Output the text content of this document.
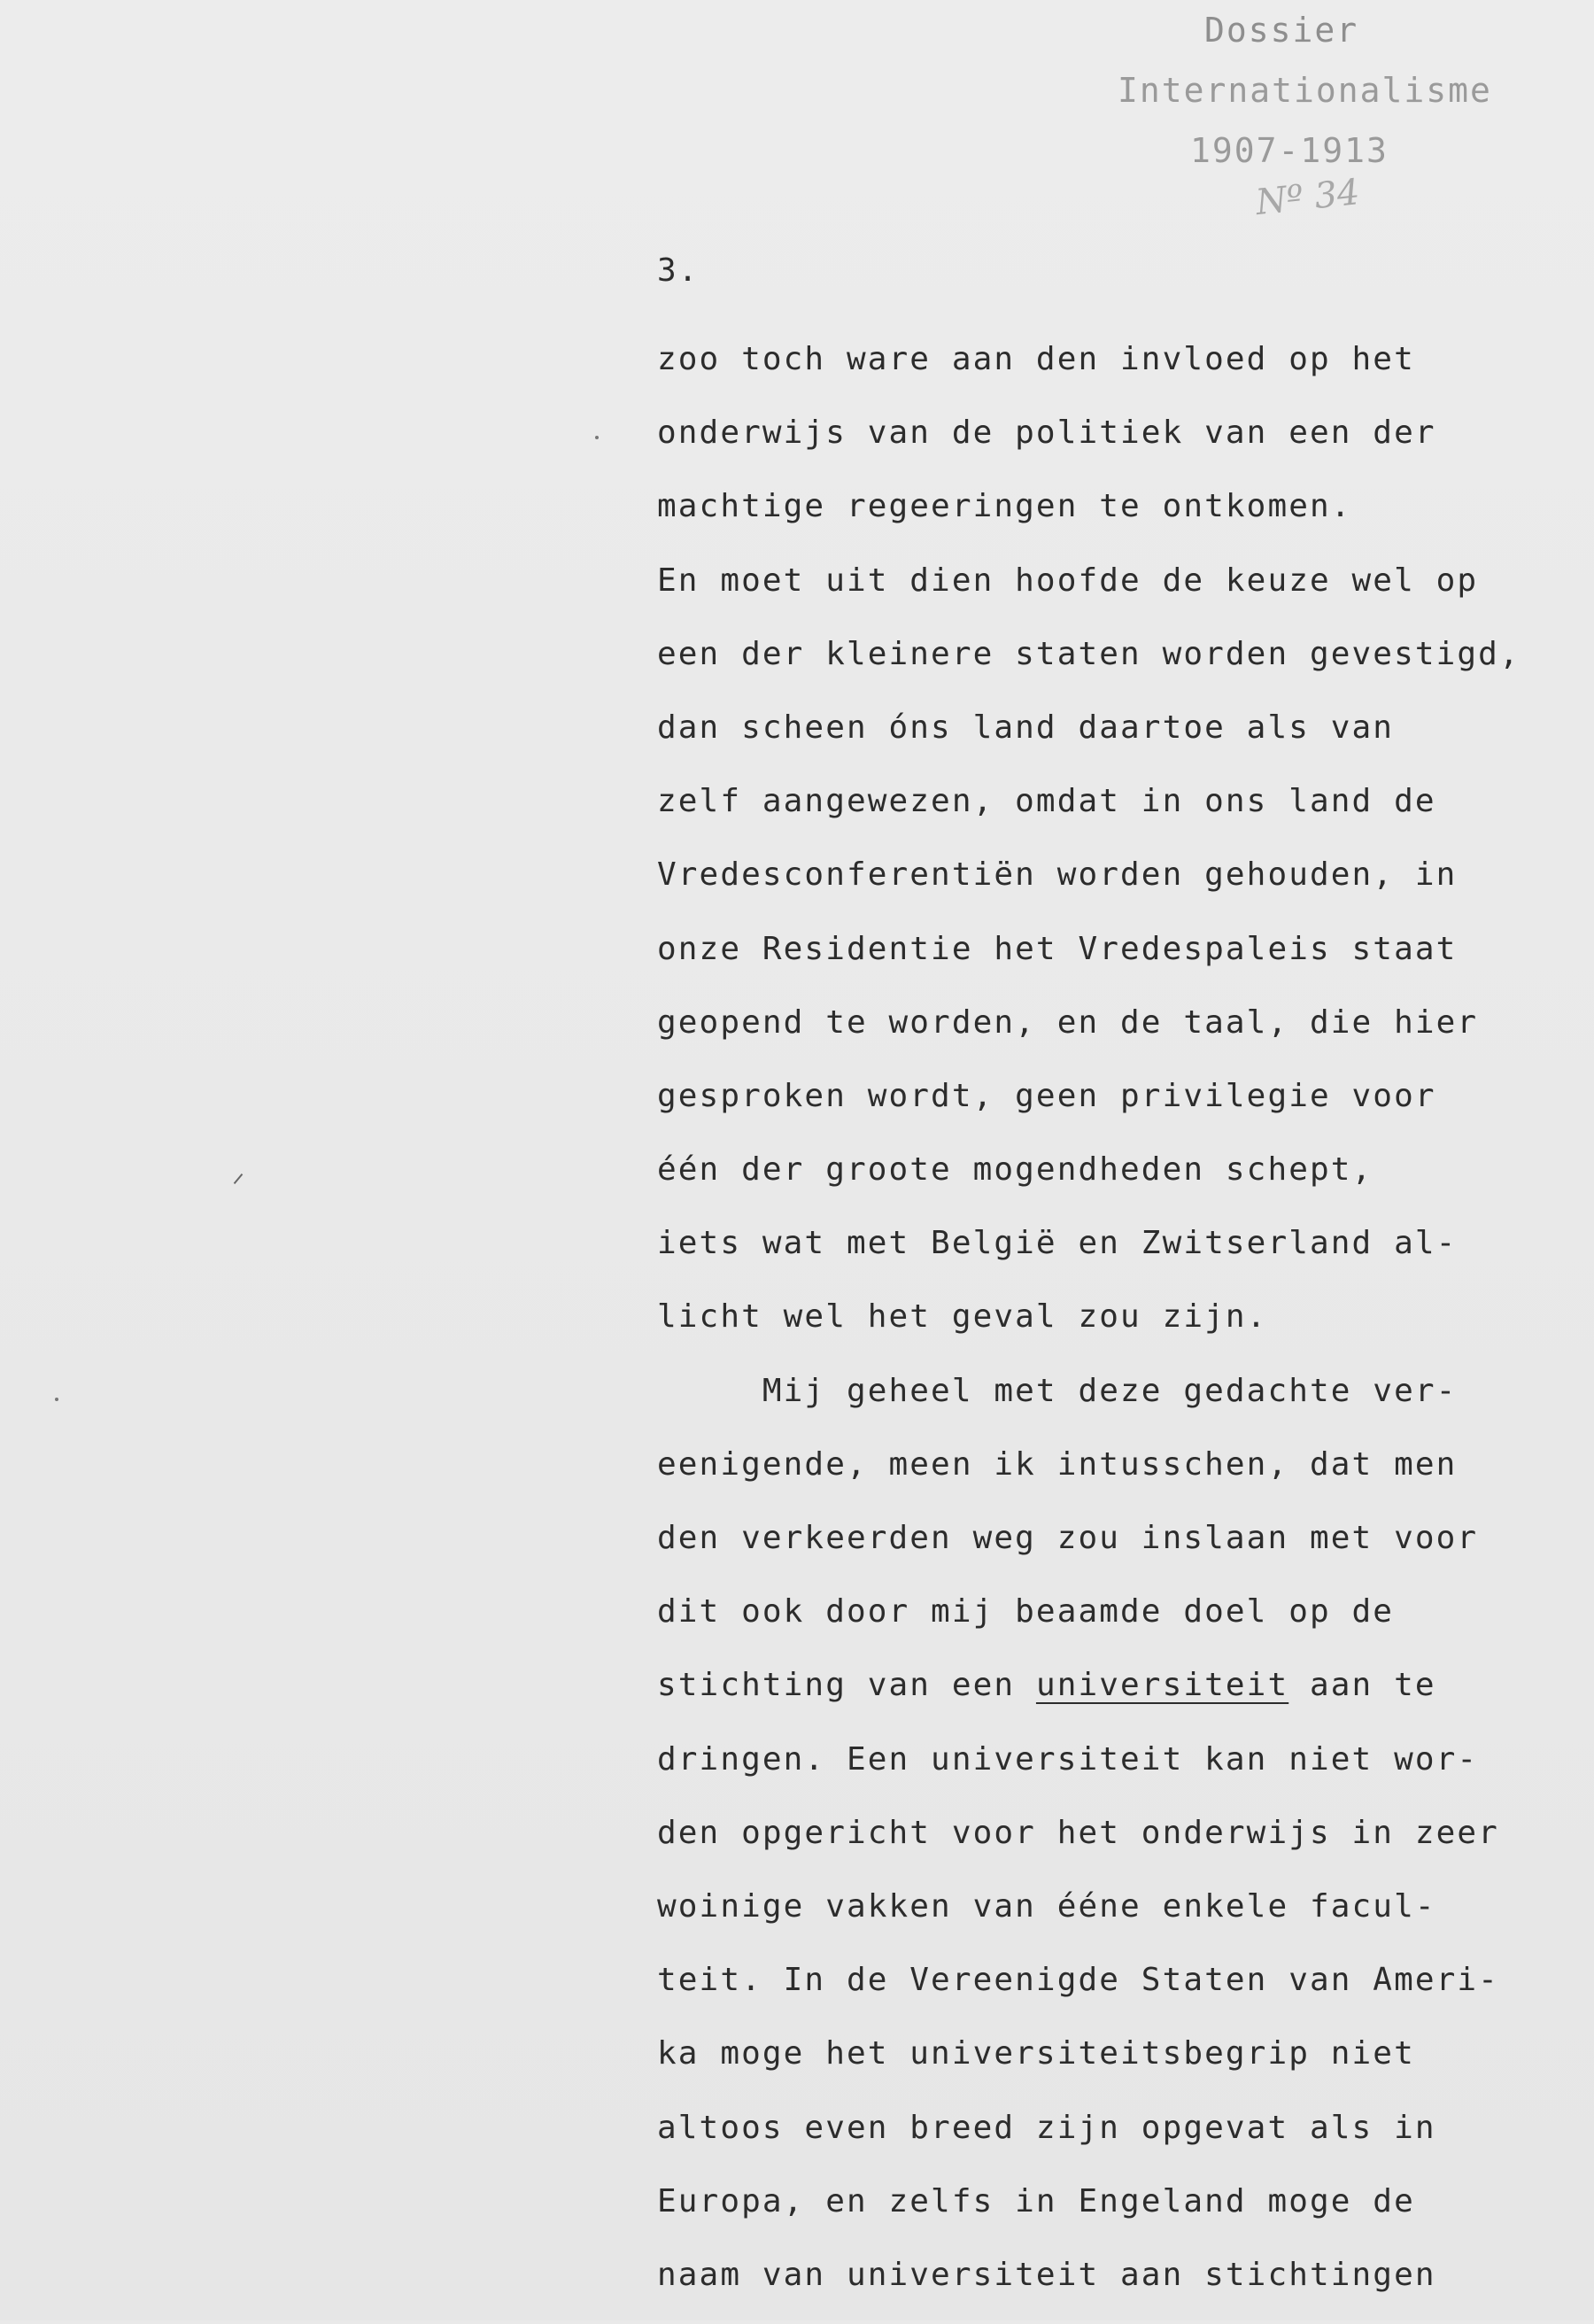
Dossier
Internationalisme
1907-1913
Nº 34
3.
zoo toch ware aan den invloed op het
onderwijs van de politiek van een der
machtige regeeringen te ontkomen.
En moet uit dien hoofde de keuze wel op
een der kleinere staten worden gevestigd,
dan scheen óns land daartoe als van
zelf aangewezen, omdat in ons land de
Vredesconferentiën worden gehouden, in
onze Residentie het Vredespaleis staat
geopend te worden, en de taal, die hier
gesproken wordt, geen privilegie voor
één der groote mogendheden schept,
iets wat met België en Zwitserland al-
licht wel het geval zou zijn.
Mij geheel met deze gedachte ver-
eenigende, meen ik intusschen, dat men
den verkeerden weg zou inslaan met voor
dit ook door mij beaamde doel op de
stichting van een universiteit aan te
dringen. Een universiteit kan niet wor-
den opgericht voor het onderwijs in zeer
woinige vakken van ééne enkele facul-
teit. In de Vereenigde Staten van Ameri-
ka moge het universiteitsbegrip niet
altoos even breed zijn opgevat als in
Europa, en zelfs in Engeland moge de
naam van universiteit aan stichtingen
